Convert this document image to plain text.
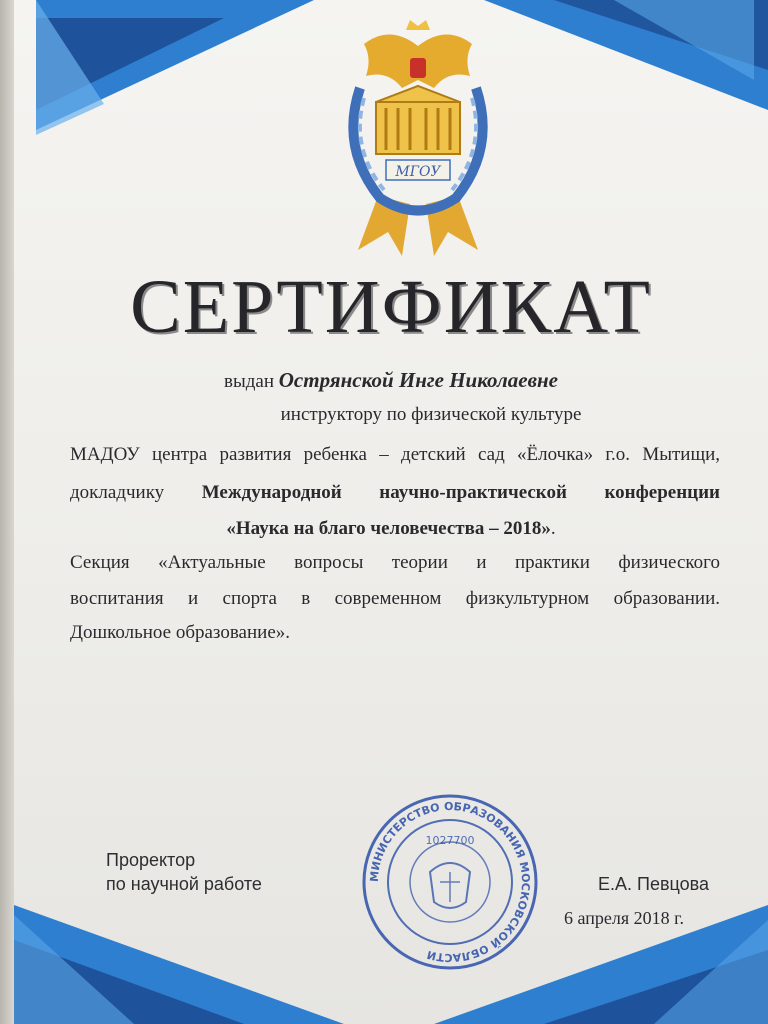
МГОУ
СЕРТИФИКАТ
выдан Острянской Инге Николаевне
инструктору по физической культуре
МАДОУ центра развития ребенка – детский сад «Ёлочка» г.о. Мытищи,
докладчику Международной научно-практической конференции
«Наука на благо человечества – 2018».
Секция «Актуальные вопросы теории и практики физического
воспитания и спорта в современном физкультурном образовании.
Дошкольное образование».
МИНИСТЕРСТВО ОБРАЗОВАНИЯ МОСКОВСКОЙ ОБЛАСТИ
1027700
Проректор
по научной работе	Е.А. Певцова
6 апреля 2018 г.
